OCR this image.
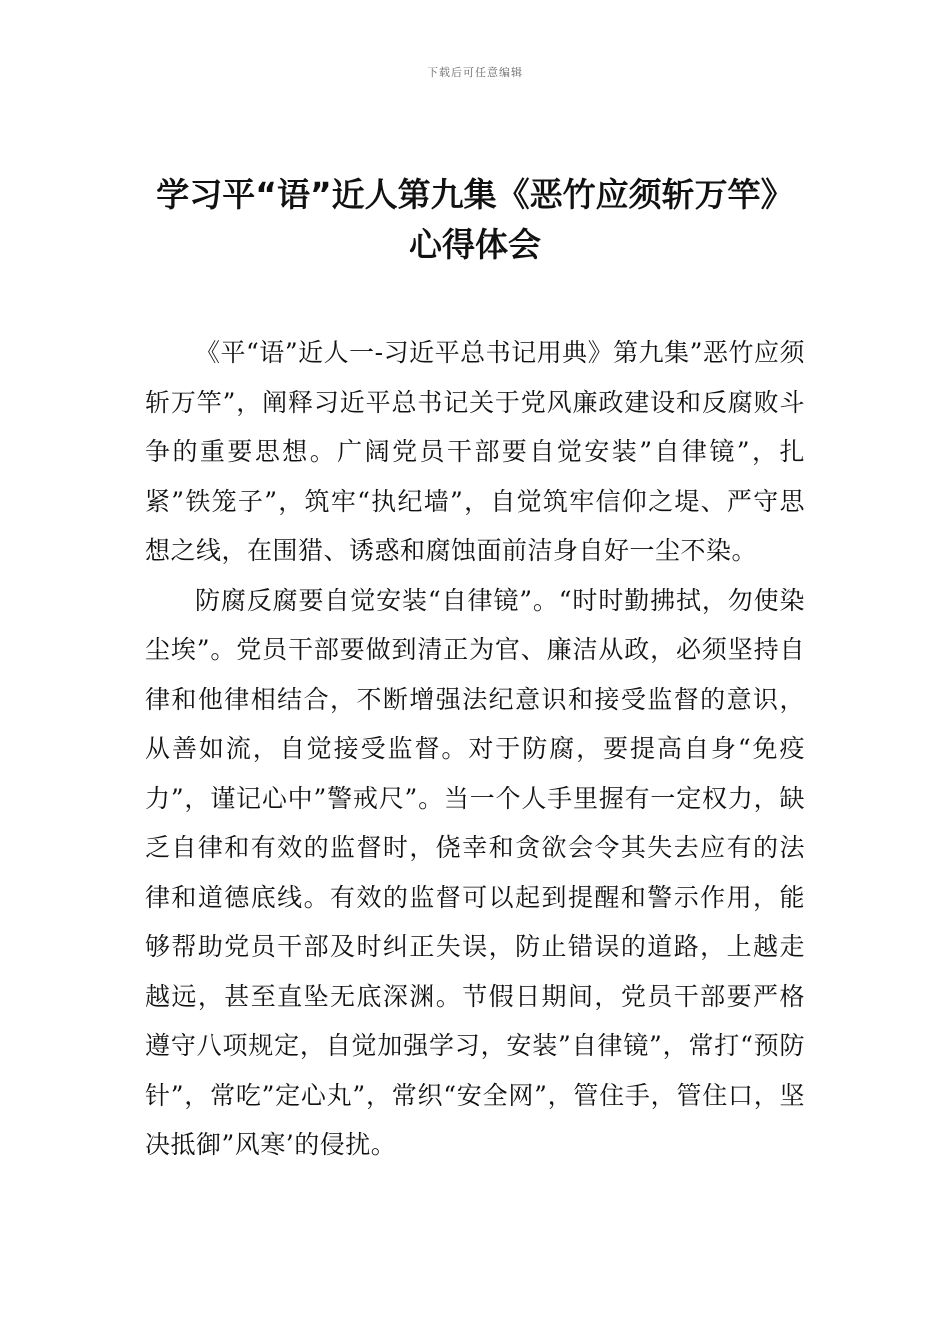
下载后可任意编辑
学习平“语”近人第九集《恶竹应须斩万竿》心得体会

《平“语”近人一-习近平总书记用典》第九集”恶竹应须斩万竿”，阐释习近平总书记关于党风廉政建设和反腐败斗争的重要思想。广阔党员干部要自觉安装”自律镜”，扎紧”铁笼子”，筑牢“执纪墙”，自觉筑牢信仰之堤、严守思想之线，在围猎、诱惑和腐蚀面前洁身自好一尘不染。

防腐反腐要自觉安装“自律镜”。“时时勤拂拭，勿使染尘埃”。党员干部要做到清正为官、廉洁从政，必须坚持自律和他律相结合，不断增强法纪意识和接受监督的意识，从善如流，自觉接受监督。对于防腐，要提高自身“免疫力”，谨记心中”警戒尺”。当一个人手里握有一定权力，缺乏自律和有效的监督时，侥幸和贪欲会令其失去应有的法律和道德底线。有效的监督可以起到提醒和警示作用，能够帮助党员干部及时纠正失误，防止错误的道路，上越走越远，甚至直坠无底深渊。节假日期间，党员干部要严格遵守八项规定，自觉加强学习，安装”自律镜”，常打“预防针”，常吃”定心丸”，常织“安全网”，管住手，管住口，坚决抵御”风寒’的侵扰。
